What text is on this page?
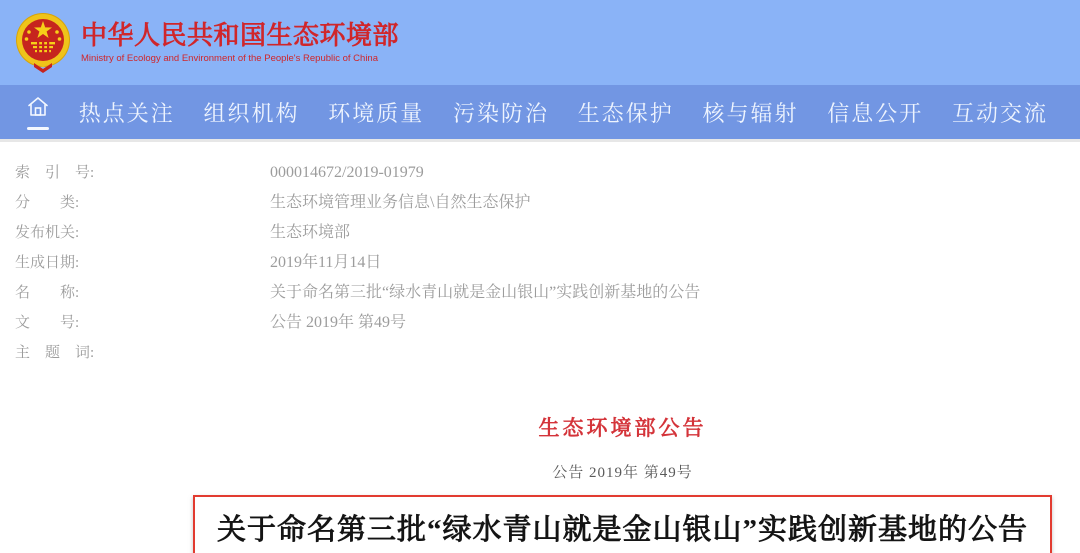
中华人民共和国生态环境部
Ministry of Ecology and Environment of the People's Republic of China
热点关注 组织机构 环境质量 污染防治 生态保护 核与辐射 信息公开 互动交流
索　引　号:	000014672/2019-01979
分　　类:	生态环境管理业务信息\自然生态保护
发布机关:	生态环境部
生成日期:	2019年11月14日
名　　称:	关于命名第三批“绿水青山就是金山银山”实践创新基地的公告
文　　号:	公告 2019年 第49号
主　题　词:
生态环境部公告
公告 2019年 第49号
关于命名第三批“绿水青山就是金山银山”实践创新基地的公告
